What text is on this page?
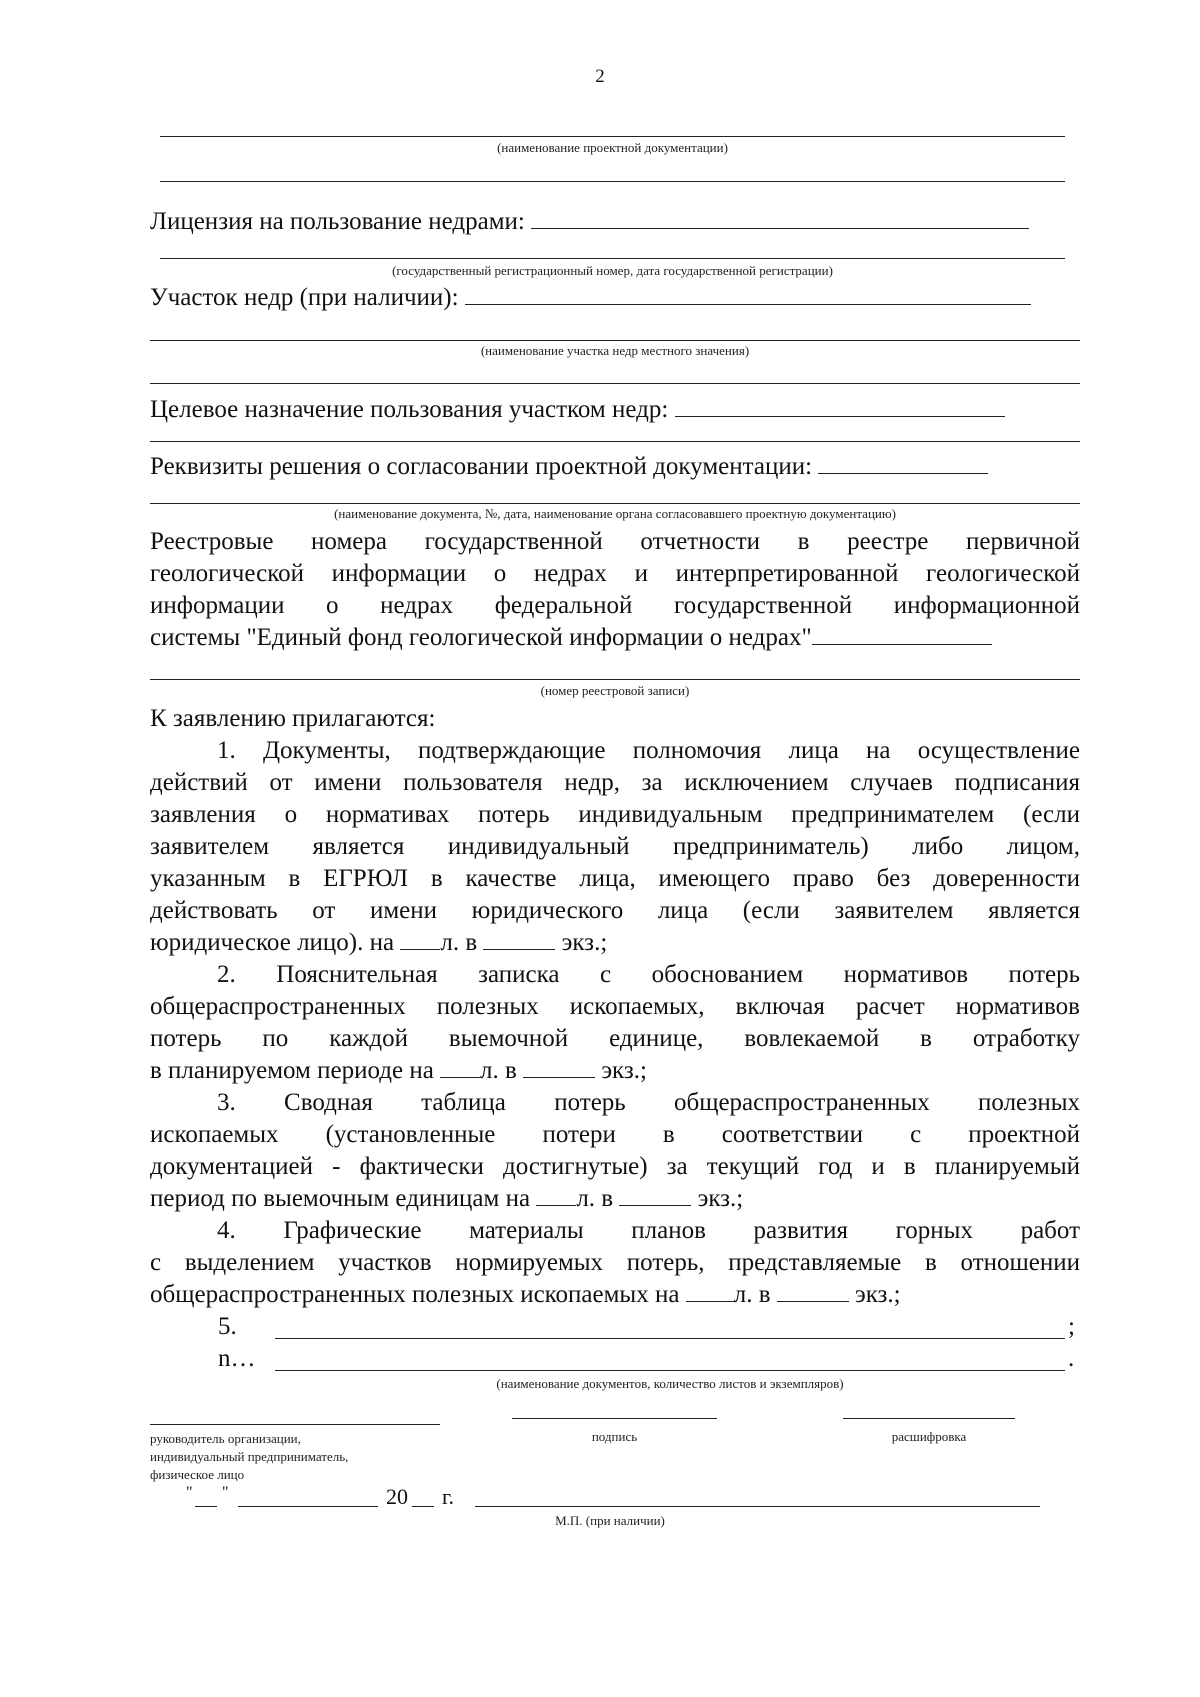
2
(наименование проектной документации)
Лицензия на пользование недрами:
(государственный регистрационный номер, дата государственной регистрации)
Участок недр (при наличии):
(наименование участка недр местного значения)
Целевое назначение пользования участком недр:
Реквизиты решения о согласовании проектной документации:
(наименование документа, №, дата, наименование органа согласовавшего проектную документацию)
Реестровые номера государственной отчетности в реестре первичной
геологической информации о недрах и интерпретированной геологической
информации о недрах федеральной государственной информационной
системы "Единый фонд геологической информации о недрах"
(номер реестровой записи)
К заявлению прилагаются:
1. Документы, подтверждающие полномочия лица на осуществление
действий от имени пользователя недр, за исключением случаев подписания
заявления о нормативах потерь индивидуальным предпринимателем (если
заявителем является индивидуальный предприниматель) либо лицом,
указанным в ЕГРЮЛ в качестве лица, имеющего право без доверенности
действовать от имени юридического лица (если заявителем является
юридическое лицо). на л. в	экз.;
2. Пояснительная записка с обоснованием нормативов потерь
общераспространенных полезных ископаемых, включая расчет нормативов
потерь по каждой выемочной единице, вовлекаемой в отработку
в планируемом периоде на л. в	экз.;
3. Сводная таблица потерь общераспространенных полезных
ископаемых (установленные потери в соответствии с проектной
документацией - фактически достигнутые) за текущий год и в планируемый
период по выемочным единицам на л. в	экз.;
4. Графические материалы планов развития горных работ
с выделением участков нормируемых потерь, представляемые в отношении
общераспространенных полезных ископаемых на л. в	экз.;
5.	;
n…	.
(наименование документов, количество листов и экземпляров)
руководитель организации,
индивидуальный предприниматель,
физическое лицо
подпись	расшифровка
" "	20 г.
М.П. (при наличии)
